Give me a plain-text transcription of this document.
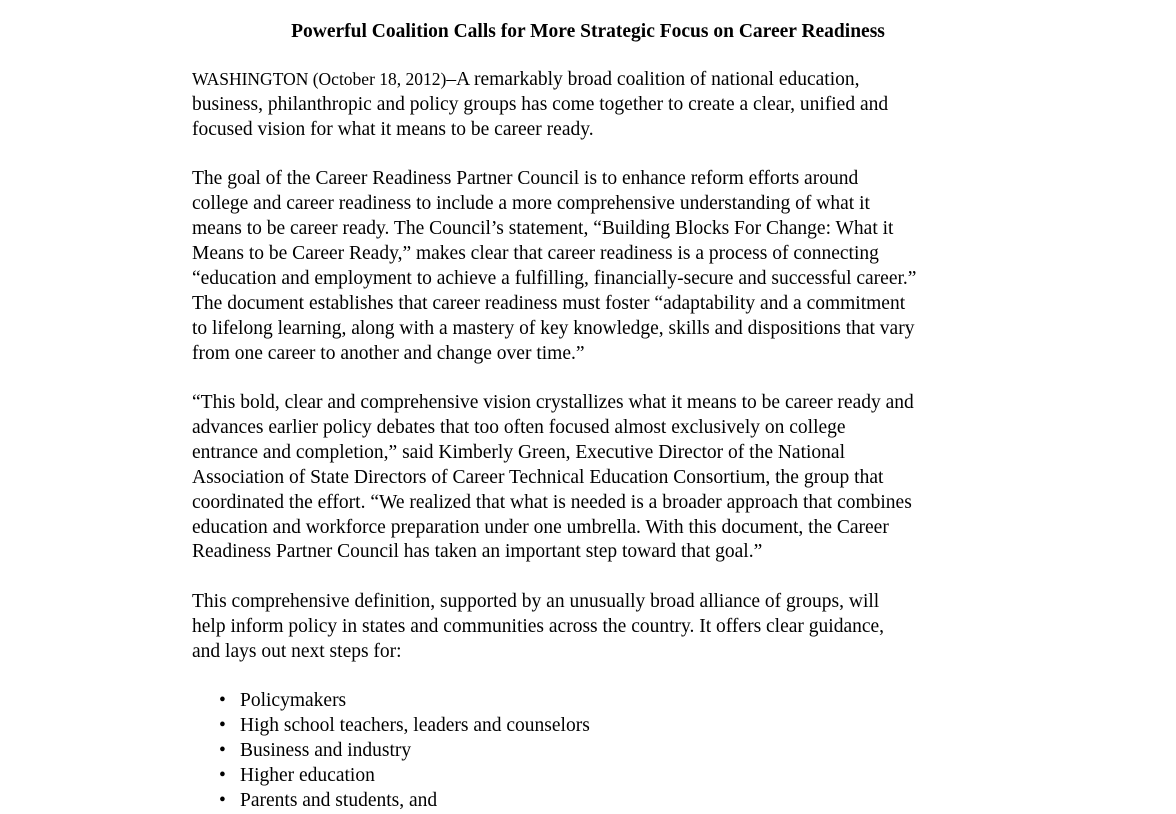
Powerful Coalition Calls for More Strategic Focus on Career Readiness

WASHINGTON (October 18, 2012)–A remarkably broad coalition of national education,
business, philanthropic and policy groups has come together to create a clear, unified and
focused vision for what it means to be career ready.

The goal of the Career Readiness Partner Council is to enhance reform efforts around
college and career readiness to include a more comprehensive understanding of what it
means to be career ready. The Council’s statement, “Building Blocks For Change: What it
Means to be Career Ready,” makes clear that career readiness is a process of connecting
“education and employment to achieve a fulfilling, financially-secure and successful career.”
The document establishes that career readiness must foster “adaptability and a commitment
to lifelong learning, along with a mastery of key knowledge, skills and dispositions that vary
from one career to another and change over time.”

“This bold, clear and comprehensive vision crystallizes what it means to be career ready and
advances earlier policy debates that too often focused almost exclusively on college
entrance and completion,” said Kimberly Green, Executive Director of the National
Association of State Directors of Career Technical Education Consortium, the group that
coordinated the effort. “We realized that what is needed is a broader approach that combines
education and workforce preparation under one umbrella. With this document, the Career
Readiness Partner Council has taken an important step toward that goal.”

This comprehensive definition, supported by an unusually broad alliance of groups, will
help inform policy in states and communities across the country. It offers clear guidance,
and lays out next steps for:

• Policymakers
• High school teachers, leaders and counselors
• Business and industry
• Higher education
• Parents and students, and
